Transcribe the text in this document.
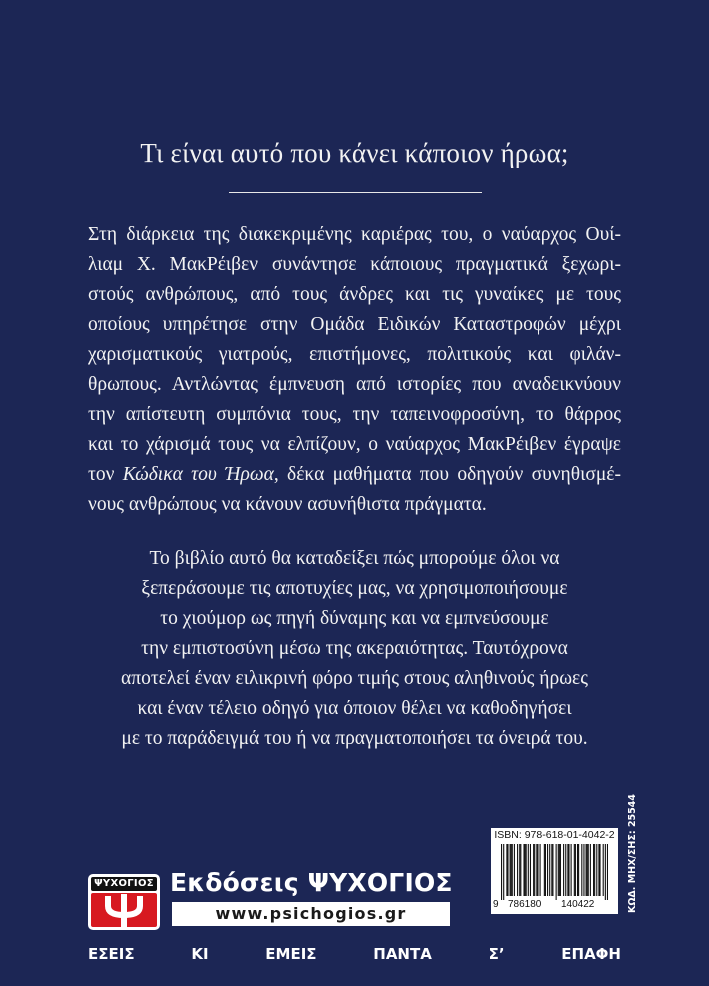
Τι είναι αυτό που κάνει κάποιον ήρωα;
Στη διάρκεια της διακεκριμένης καριέρας του, ο ναύαρχος Ουί-
λιαμ Χ. ΜακΡέιβεν συνάντησε κάποιους πραγματικά ξεχωρι-
στούς ανθρώπους, από τους άνδρες και τις γυναίκες με τους
οποίους υπηρέτησε στην Ομάδα Ειδικών Καταστροφών μέχρι
χαρισματικούς γιατρούς, επιστήμονες, πολιτικούς και φιλάν-
θρωπους. Αντλώντας έμπνευση από ιστορίες που αναδεικνύουν
την απίστευτη συμπόνια τους, την ταπεινοφροσύνη, το θάρρος
και το χάρισμά τους να ελπίζουν, ο ναύαρχος ΜακΡέιβεν έγραψε
τον Κώδικα του Ήρωα, δέκα μαθήματα που οδηγούν συνηθισμέ-
νους ανθρώπους να κάνουν ασυνήθιστα πράγματα.
Το βιβλίο αυτό θα καταδείξει πώς μπορούμε όλοι να
ξεπεράσουμε τις αποτυχίες μας, να χρησιμοποιήσουμε
το χιούμορ ως πηγή δύναμης και να εμπνεύσουμε
την εμπιστοσύνη μέσω της ακεραιότητας. Ταυτόχρονα
αποτελεί έναν ειλικρινή φόρο τιμής στους αληθινούς ήρωες
και έναν τέλειο οδηγό για όποιον θέλει να καθοδηγήσει
με το παράδειγμά του ή να πραγματοποιήσει τα όνειρά του.
ΨΥΧΟΓΙΟΣ Εκδόσεις ΨΥΧΟΓΙΟΣ
www.psichogios.gr
ISBN: 978-618-01-4042-2
9 786180 140422	ΚΩΔ. ΜΗΧ/ΣΗΣ: 25544
ΕΣΕΙΣ ΚΙ ΕΜΕΙΣ ΠΑΝΤΑ Σ’ ΕΠΑΦΗ
